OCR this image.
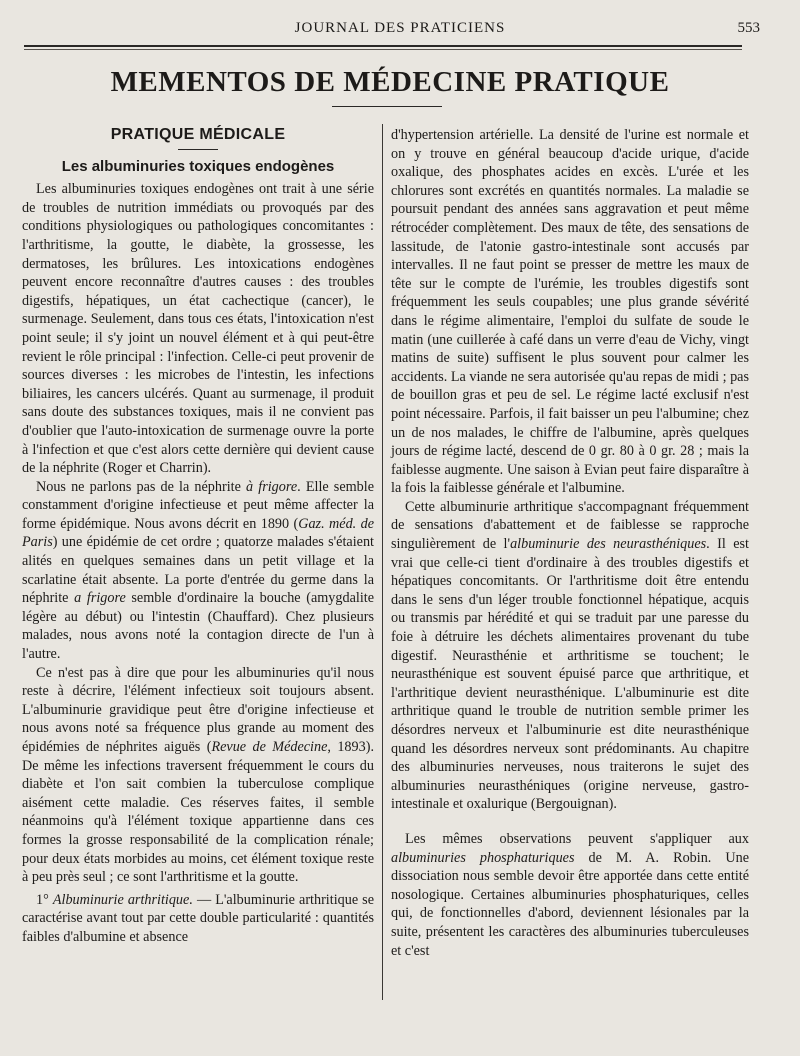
JOURNAL DES PRATICIENS	553
MEMENTOS DE MÉDECINE PRATIQUE
PRATIQUE MÉDICALE
Les albuminuries toxiques endogènes

Les albuminuries toxiques endogènes ont trait à une série de troubles de nutrition immédiats ou provoqués par des conditions physiologiques ou pathologiques concomitantes : l'arthritisme, la goutte, le diabète, la grossesse, les dermatoses, les brûlures. Les intoxications endogènes peuvent encore reconnaître d'autres causes : des troubles digestifs, hépatiques, un état cachectique (cancer), le surmenage. Seulement, dans tous ces états, l'intoxication n'est point seule; il s'y joint un nouvel élément et à qui peut-être revient le rôle principal : l'infection. Celle-ci peut provenir de sources diverses : les microbes de l'intestin, les infections biliaires, les cancers ulcérés. Quant au surmenage, il produit sans doute des substances toxiques, mais il ne convient pas d'oublier que l'auto-intoxication de surmenage ouvre la porte à l'infection et que c'est alors cette dernière qui devient cause de la néphrite (Roger et Charrin).

Nous ne parlons pas de la néphrite à frigore. Elle semble constamment d'origine infectieuse et peut même affecter la forme épidémique. Nous avons décrit en 1890 (Gaz. méd. de Paris) une épidémie de cet ordre ; quatorze malades s'étaient alités en quelques semaines dans un petit village et la scarlatine était absente. La porte d'entrée du germe dans la néphrite a frigore semble d'ordinaire la bouche (amygdalite légère au début) ou l'intestin (Chauffard). Chez plusieurs malades, nous avons noté la contagion directe de l'un à l'autre.

Ce n'est pas à dire que pour les albuminuries qu'il nous reste à décrire, l'élément infectieux soit toujours absent. L'albuminurie gravidique peut être d'origine infectieuse et nous avons noté sa fréquence plus grande au moment des épidémies de néphrites aiguës (Revue de Médecine, 1893). De même les infections traversent fréquemment le cours du diabète et l'on sait combien la tuberculose complique aisément cette maladie. Ces réserves faites, il semble néanmoins qu'à l'élément toxique appartienne dans ces formes la grosse responsabilité de la complication rénale; pour deux états morbides au moins, cet élément toxique reste à peu près seul ; ce sont l'arthritisme et la goutte.

1° Albuminurie arthritique. — L'albuminurie arthritique se caractérise avant tout par cette double particularité : quantités faibles d'albumine et absence

d'hypertension artérielle. La densité de l'urine est normale et on y trouve en général beaucoup d'acide urique, d'acide oxalique, des phosphates acides en excès. L'urée et les chlorures sont excrétés en quantités normales. La maladie se poursuit pendant des années sans aggravation et peut même rétrocéder complètement. Des maux de tête, des sensations de lassitude, de l'atonie gastro-intestinale sont accusés par intervalles. Il ne faut point se presser de mettre les maux de tête sur le compte de l'urémie, les troubles digestifs sont fréquemment les seuls coupables; une plus grande sévérité dans le régime alimentaire, l'emploi du sulfate de soude le matin (une cuillerée à café dans un verre d'eau de Vichy, vingt matins de suite) suffisent le plus souvent pour calmer les accidents. La viande ne sera autorisée qu'au repas de midi ; pas de bouillon gras et peu de sel. Le régime lacté exclusif n'est point nécessaire. Parfois, il fait baisser un peu l'albumine; chez un de nos malades, le chiffre de l'albumine, après quelques jours de régime lacté, descend de 0 gr. 80 à 0 gr. 28 ; mais la faiblesse augmente. Une saison à Evian peut faire disparaître à la fois la faiblesse générale et l'albumine.

Cette albuminurie arthritique s'accompagnant fréquemment de sensations d'abattement et de faiblesse se rapproche singulièrement de l'albuminurie des neurasthéniques. Il est vrai que celle-ci tient d'ordinaire à des troubles digestifs et hépatiques concomitants. Or l'arthritisme doit être entendu dans le sens d'un léger trouble fonctionnel hépatique, acquis ou transmis par hérédité et qui se traduit par une paresse du foie à détruire les déchets alimentaires provenant du tube digestif. Neurasthénie et arthritisme se touchent; le neurasthénique est souvent épuisé parce que arthritique, et l'arthritique devient neurasthénique. L'albuminurie est dite arthritique quand le trouble de nutrition semble primer les désordres nerveux et l'albuminurie est dite neurasthénique quand les désordres nerveux sont prédominants. Au chapitre des albuminuries nerveuses, nous traiterons le sujet des albuminuries neurasthéniques (origine nerveuse, gastro-intestinale et oxalurique (Bergouignan).

Les mêmes observations peuvent s'appliquer aux albuminuries phosphaturiques de M. A. Robin. Une dissociation nous semble devoir être apportée dans cette entité nosologique. Certaines albuminuries phosphaturiques, celles qui, de fonctionnelles d'abord, deviennent lésionales par la suite, présentent les caractères des albuminuries tuberculeuses et c'est
